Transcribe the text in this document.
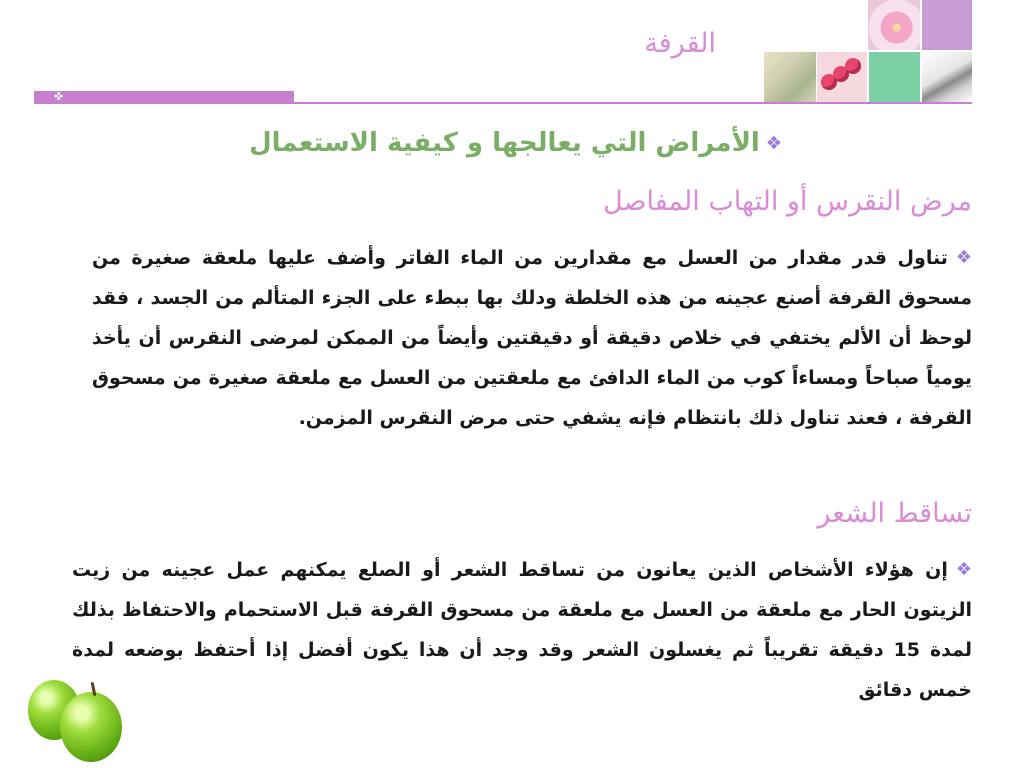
القرفة
✜
❖الأمراض التي يعالجها و كيفية الاستعمال
مرض النقرس أو التهاب المفاصل
❖
تناول قدر مقدار من العسل مع مقدارين من الماء الفاتر وأضف عليها ملعقة صغيرة من مسحوق القرفة أصنع عجينه من هذه الخلطة ودلك بها ببطء على الجزء المتألم من الجسد ، فقد لوحظ أن الألم يختفي في خلاص دقيقة أو دقيقتين وأيضاً من الممكن لمرضى النقرس أن يأخذ يومياً صباحاً ومساءاً كوب من الماء الدافئ مع ملعقتين من العسل مع ملعقة صغيرة من مسحوق القرفة ، فعند تناول ذلك بانتظام فإنه يشفي حتى مرض النقرس المزمن.
تساقط الشعر
❖
إن هؤلاء الأشخاص الذين يعانون من تساقط الشعر أو الصلع يمكنهم عمل عجينه من زيت الزيتون الحار مع ملعقة من العسل مع ملعقة من مسحوق القرفة قبل الاستحمام والاحتفاظ بذلك لمدة 15 دقيقة تقريباً ثم يغسلون الشعر وقد وجد أن هذا يكون أفضل إذا أحتفظ بوضعه لمدة خمس دقائق
